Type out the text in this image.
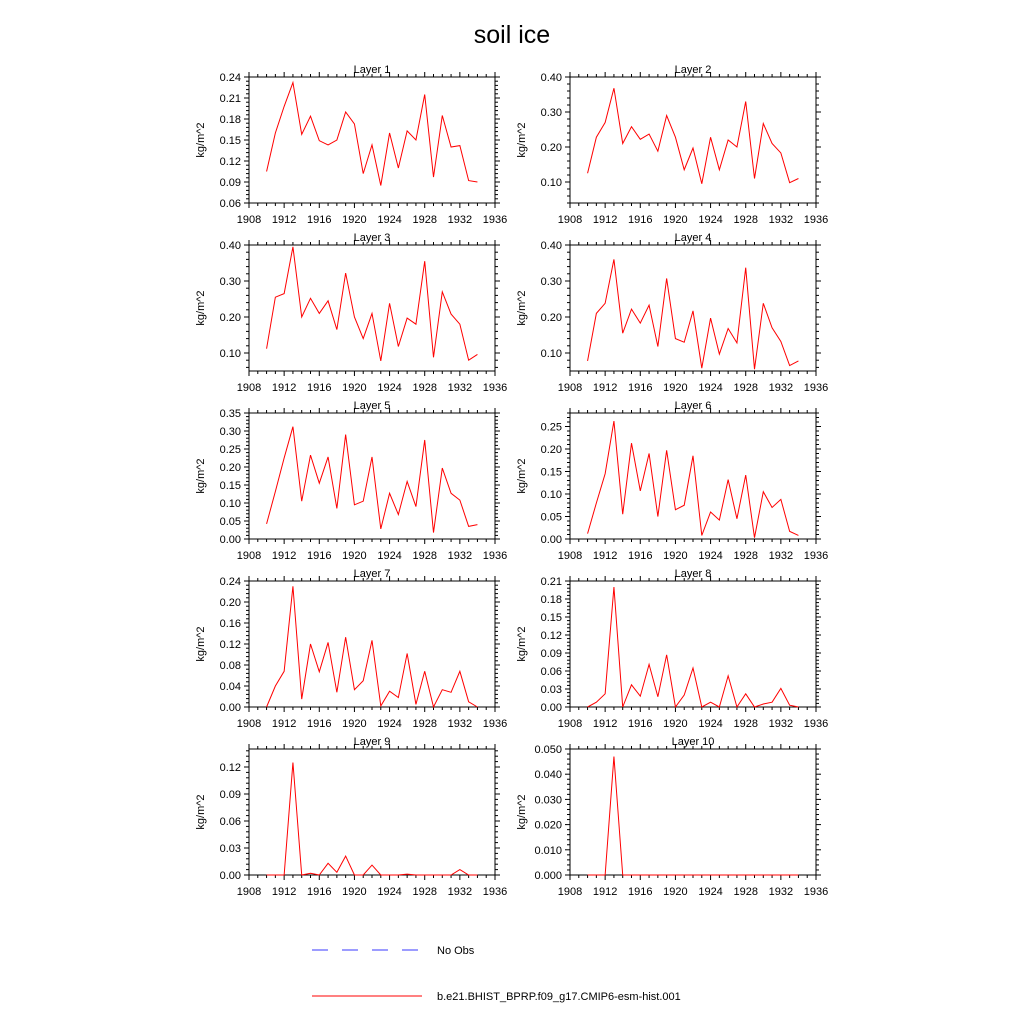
soil ice
Layer 1
kg/m^2
1908 1912 1916 1920 1924 1928 1932 1936
0.06
0.09
0.12
0.15
0.18
0.21
0.24
Layer 2
kg/m^2
1908 1912 1916 1920 1924 1928 1932 1936
0.10
0.20
0.30
0.40
Layer 3
kg/m^2
1908 1912 1916 1920 1924 1928 1932 1936
0.10
0.20
0.30
0.40
Layer 4
kg/m^2
1908 1912 1916 1920 1924 1928 1932 1936
0.10
0.20
0.30
0.40
Layer 5
kg/m^2
1908 1912 1916 1920 1924 1928 1932 1936
0.00
0.05
0.10
0.15
0.20
0.25
0.30
0.35
Layer 6
kg/m^2
1908 1912 1916 1920 1924 1928 1932 1936
0.00
0.05
0.10
0.15
0.20
0.25
Layer 7
kg/m^2
1908 1912 1916 1920 1924 1928 1932 1936
0.00
0.04
0.08
0.12
0.16
0.20
0.24
Layer 8
kg/m^2
1908 1912 1916 1920 1924 1928 1932 1936
0.00
0.03
0.06
0.09
0.12
0.15
0.18
0.21
Layer 9
kg/m^2
1908 1912 1916 1920 1924 1928 1932 1936
0.00
0.03
0.06
0.09
0.12
Layer 10
kg/m^2
1908 1912 1916 1920 1924 1928 1932 1936
0.000
0.010
0.020
0.030
0.040
0.050
No Obs
b.e21.BHIST_BPRP.f09_g17.CMIP6-esm-hist.001
